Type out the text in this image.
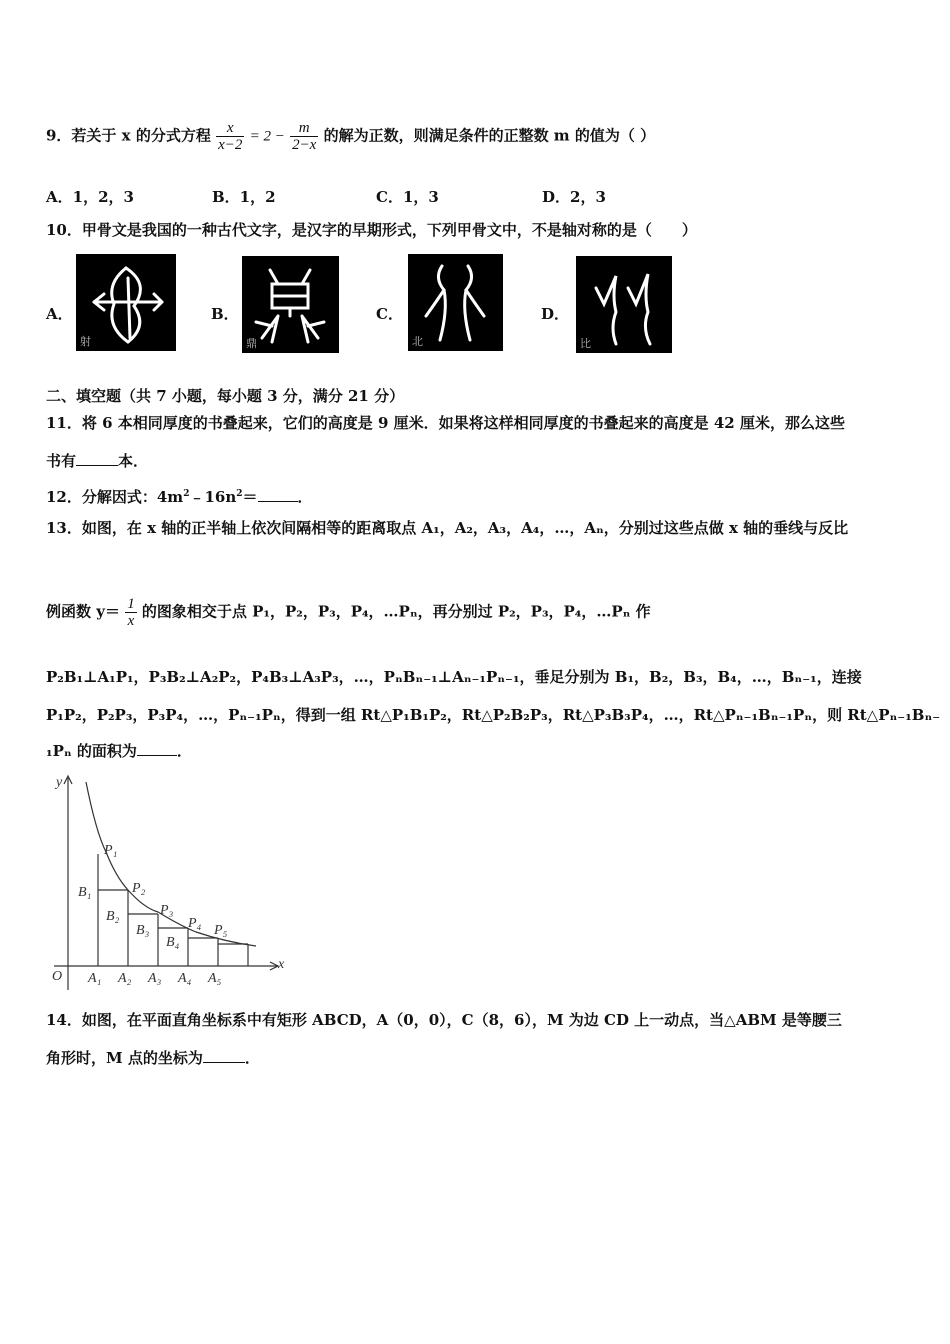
9．若关于 x 的分式方程 $\frac{x}{x-2} = 2 - \frac{m}{2-x}$ 的解为正数，则满足条件的正整数 m 的值为（ ）
A．1，2，3	B．1，2	C．1，3	D．2，3
10．甲骨文是我国的一种古代文字，是汉字的早期形式，下列甲骨文中，不是轴对称的是（　　）
A．
射
B．
鼎
C．
北
D．
比
二、填空题（共 7 小题，每小题 3 分，满分 21 分）
11．将 6 本相同厚度的书叠起来，它们的高度是 9 厘米．如果将这样相同厚度的书叠起来的高度是 42 厘米，那么这些
书有	本．
12．分解因式：$4m^2﹣16n^2=$	．
13．如图，在 x 轴的正半轴上依次间隔相等的距离取点 A₁，A₂，A₃，A₄，…，Aₙ，分别过这些点做 x 轴的垂线与反比
例函数 $y= \frac{1}{x}$ 的图象相交于点 P₁，P₂，P₃，P₄，…Pₙ，再分别过 P₂，P₃，P₄，…Pₙ 作
P₂B₁⊥A₁P₁，P₃B₂⊥A₂P₂，P₄B₃⊥A₃P₃，…，PₙBₙ₋₁⊥Aₙ₋₁Pₙ₋₁，垂足分别为 B₁，B₂，B₃，B₄，…，Bₙ₋₁，连接
P₁P₂，P₂P₃，P₃P₄，…，Pₙ₋₁Pₙ，得到一组 Rt△P₁B₁P₂，Rt△P₂B₂P₃，Rt△P₃B₃P₄，…，Rt△Pₙ₋₁Bₙ₋₁Pₙ，则 Rt△Pₙ₋₁Bₙ₋
₁Pₙ 的面积为	．
y
x
O A₁ A₂ A₃ A₄ A₅
P₁
P₂
P₃
P₄ P₅
B₁
B₂
B₃
B₄
14．如图，在平面直角坐标系中有矩形 ABCD，A（0，0），C（8，6），M 为边 CD 上一动点，当△ABM 是等腰三
角形时，M 点的坐标为	．
